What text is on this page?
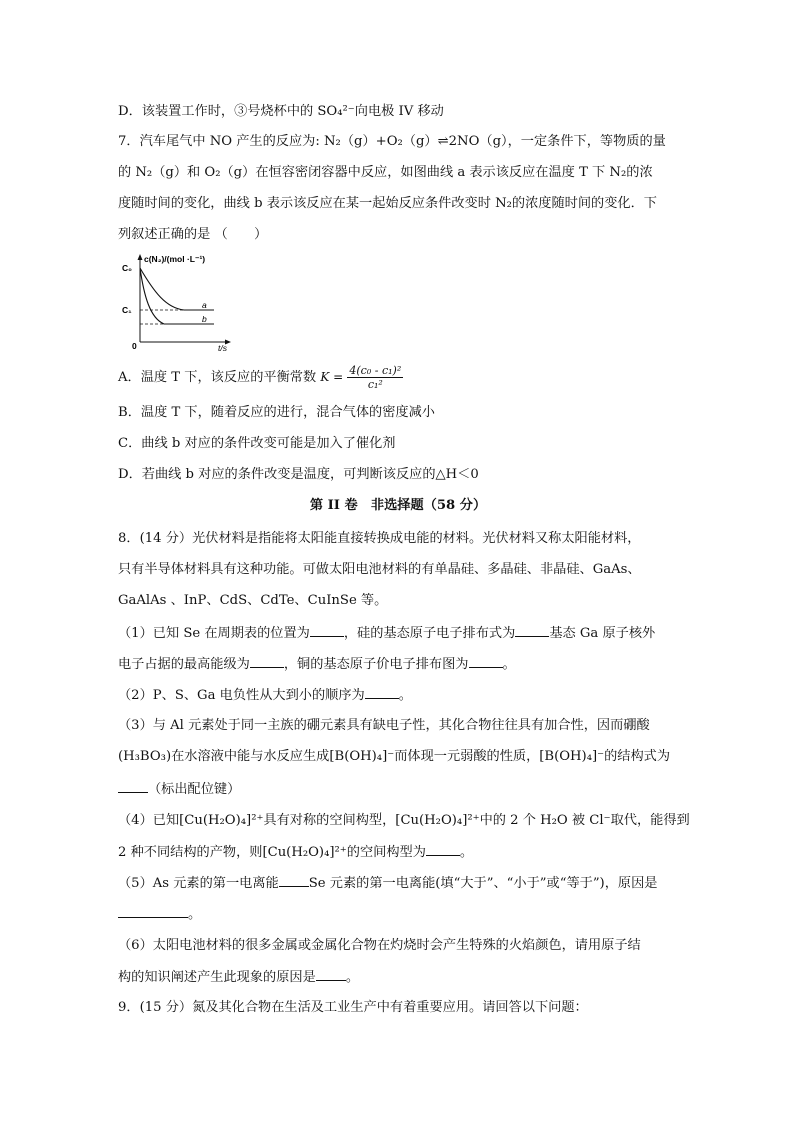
D．该装置工作时，③号烧杯中的 SO₄²⁻向电极 IV 移动
7．汽车尾气中 NO 产生的反应为: N₂（g）+O₂（g）⇌2NO（g），一定条件下，等物质的量
的 N₂（g）和 O₂（g）在恒容密闭容器中反应，如图曲线 a 表示该反应在温度 T 下 N₂的浓
度随时间的变化，曲线 b 表示该反应在某一起始反应条件改变时 N₂的浓度随时间的变化．下
列叙述正确的是 （　　）
c(N₂)/(mol ·L⁻¹)
C₀
C₁
0	t/s
a
b
A．温度 T 下，该反应的平衡常数 $K = \frac{\text{4(c₀ - c₁)²}}{\text{c₁²}}$
B．温度 T 下，随着反应的进行，混合气体的密度减小
C．曲线 b 对应的条件改变可能是加入了催化剂
D．若曲线 b 对应的条件改变是温度，可判断该反应的△H＜0
第 II 卷　非选择题（58 分）
8．(14 分）光伏材料是指能将太阳能直接转换成电能的材料。光伏材料又称太阳能材料，
只有半导体材料具有这种功能。可做太阳电池材料的有单晶硅、多晶硅、非晶硅、GaAs、
GaAlAs 、InP、CdS、CdTe、CuInSe 等。
（1）已知 Se 在周期表的位置为	，硅的基态原子电子排布式为	基态 Ga 原子核外
电子占据的最高能级为	，铜的基态原子价电子排布图为	。
（2）P、S、Ga 电负性从大到小的顺序为	。
（3）与 Al 元素处于同一主族的硼元素具有缺电子性，其化合物往往具有加合性，因而硼酸
(H₃BO₃)在水溶液中能与水反应生成[B(OH)₄]⁻而体现一元弱酸的性质，[B(OH)₄]⁻的结构式为
（标出配位键）
（4）已知[Cu(H₂O)₄]²⁺具有对称的空间构型，[Cu(H₂O)₄]²⁺中的 2 个 H₂O 被 Cl⁻取代，能得到
2 种不同结构的产物，则[Cu(H₂O)₄]²⁺的空间构型为	。
（5）As 元素的第一电离能 Se 元素的第一电离能(填“大于”、“小于”或“等于”)，原因是
。
（6）太阳电池材料的很多金属或金属化合物在灼烧时会产生特殊的火焰颜色，请用原子结
构的知识阐述产生此现象的原因是 。
9．(15 分）氮及其化合物在生活及工业生产中有着重要应用。请回答以下问题：
